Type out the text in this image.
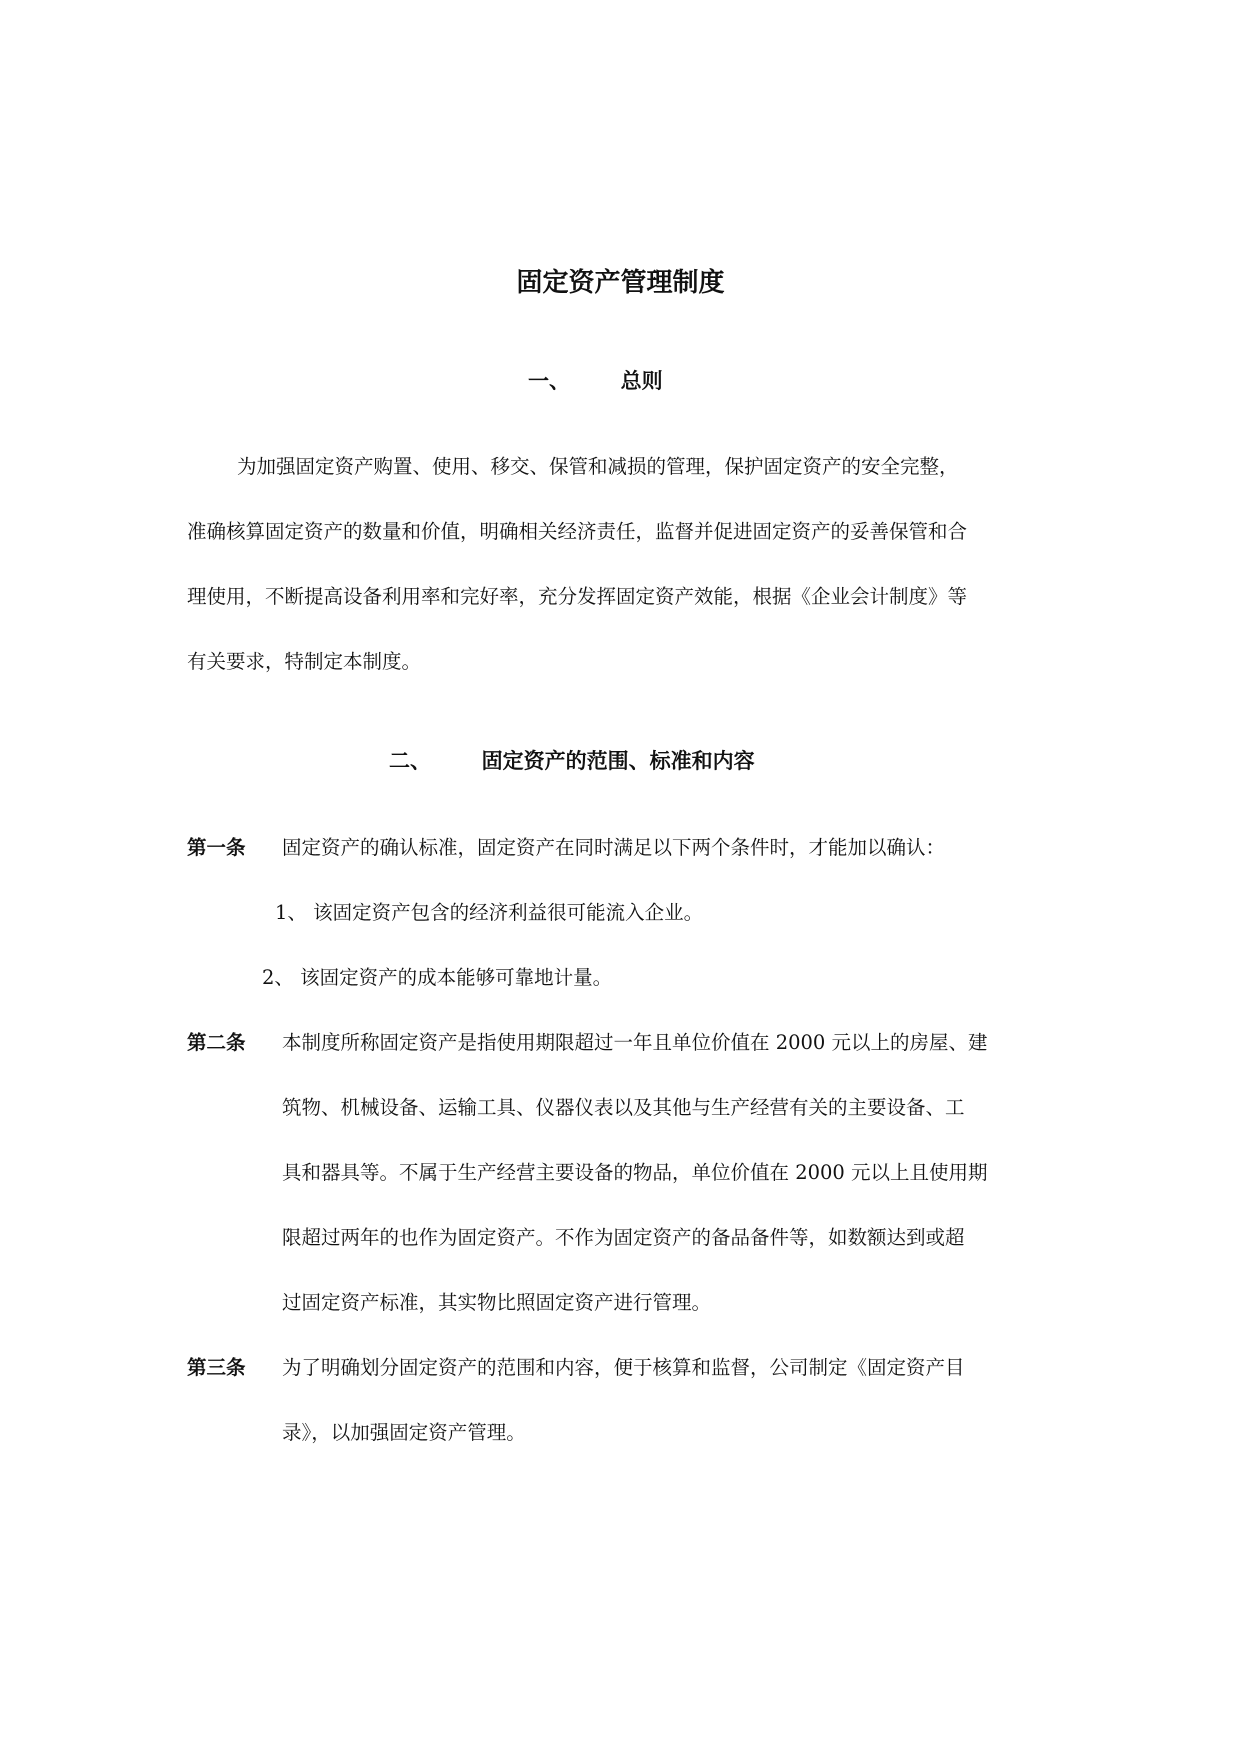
固定资产管理制度
一、 总则
为加强固定资产购置、使用、移交、保管和减损的管理，保护固定资产的安全完整，
准确核算固定资产的数量和价值，明确相关经济责任，监督并促进固定资产的妥善保管和合
理使用，不断提高设备利用率和完好率，充分发挥固定资产效能，根据《企业会计制度》等
有关要求，特制定本制度。
二、 固定资产的范围、标准和内容
第一条 固定资产的确认标准，固定资产在同时满足以下两个条件时，才能加以确认：
1、 该固定资产包含的经济利益很可能流入企业。
2、 该固定资产的成本能够可靠地计量。
第二条 本制度所称固定资产是指使用期限超过一年且单位价值在 2000 元以上的房屋、建
筑物、机械设备、运输工具、仪器仪表以及其他与生产经营有关的主要设备、工
具和器具等。不属于生产经营主要设备的物品，单位价值在 2000 元以上且使用期
限超过两年的也作为固定资产。不作为固定资产的备品备件等，如数额达到或超
过固定资产标准，其实物比照固定资产进行管理。
第三条 为了明确划分固定资产的范围和内容，便于核算和监督，公司制定《固定资产目
录》，以加强固定资产管理。
